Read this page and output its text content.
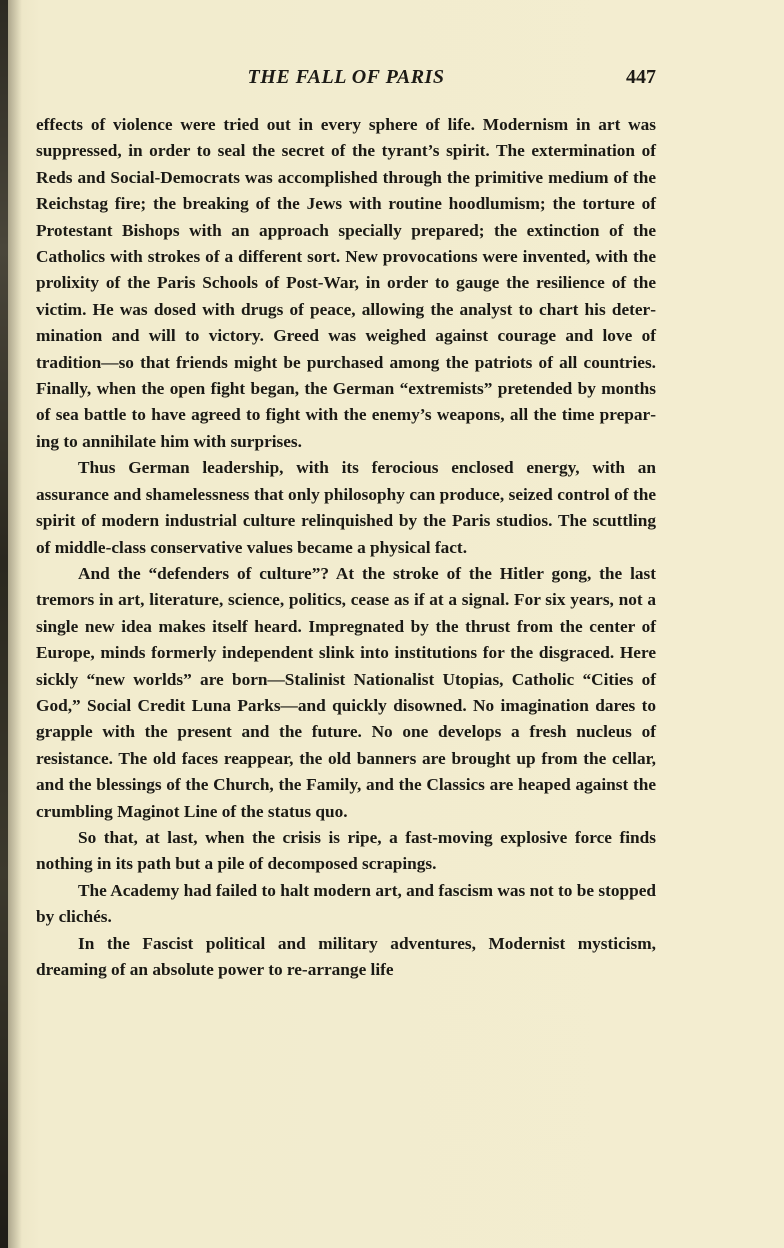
THE FALL OF PARIS	447

effects of violence were tried out in every sphere of life. Modernism in art was suppressed, in order to seal the secret of the tyrant’s spirit. The extermination of Reds and Social-Democrats was accomplished through the primitive medium of the Reichstag fire; the breaking of the Jews with routine hoodlumism; the torture of Protestant Bishops with an approach specially prepared; the extinction of the Catholics with strokes of a different sort. New provocations were invented, with the prolixity of the Paris Schools of Post-War, in order to gauge the resilience of the victim. He was dosed with drugs of peace, allowing the analyst to chart his determination and will to victory. Greed was weighed against courage and love of tradition—so that friends might be purchased among the patriots of all countries. Finally, when the open fight began, the German “extremists” pretended by months of sea battle to have agreed to fight with the enemy’s weapons, all the time preparing to annihilate him with surprises.

Thus German leadership, with its ferocious enclosed energy, with an assurance and shamelessness that only philosophy can produce, seized control of the spirit of modern industrial culture relinquished by the Paris studios. The scuttling of middle-class conservative values became a physical fact.

And the “defenders of culture”? At the stroke of the Hitler gong, the last tremors in art, literature, science, politics, cease as if at a signal. For six years, not a single new idea makes itself heard. Impregnated by the thrust from the center of Europe, minds formerly independent slink into institutions for the disgraced. Here sickly “new worlds” are born—Stalinist Nationalist Utopias, Catholic “Cities of God,” Social Credit Luna Parks—and quickly disowned. No imagination dares to grapple with the present and the future. No one develops a fresh nucleus of resistance. The old faces reappear, the old banners are brought up from the cellar, and the blessings of the Church, the Family, and the Classics are heaped against the crumbling Maginot Line of the status quo.

So that, at last, when the crisis is ripe, a fast-moving explosive force finds nothing in its path but a pile of decomposed scrapings.

The Academy had failed to halt modern art, and fascism was not to be stopped by clichés.

In the Fascist political and military adventures, Modernist mysticism, dreaming of an absolute power to re-arrange life
